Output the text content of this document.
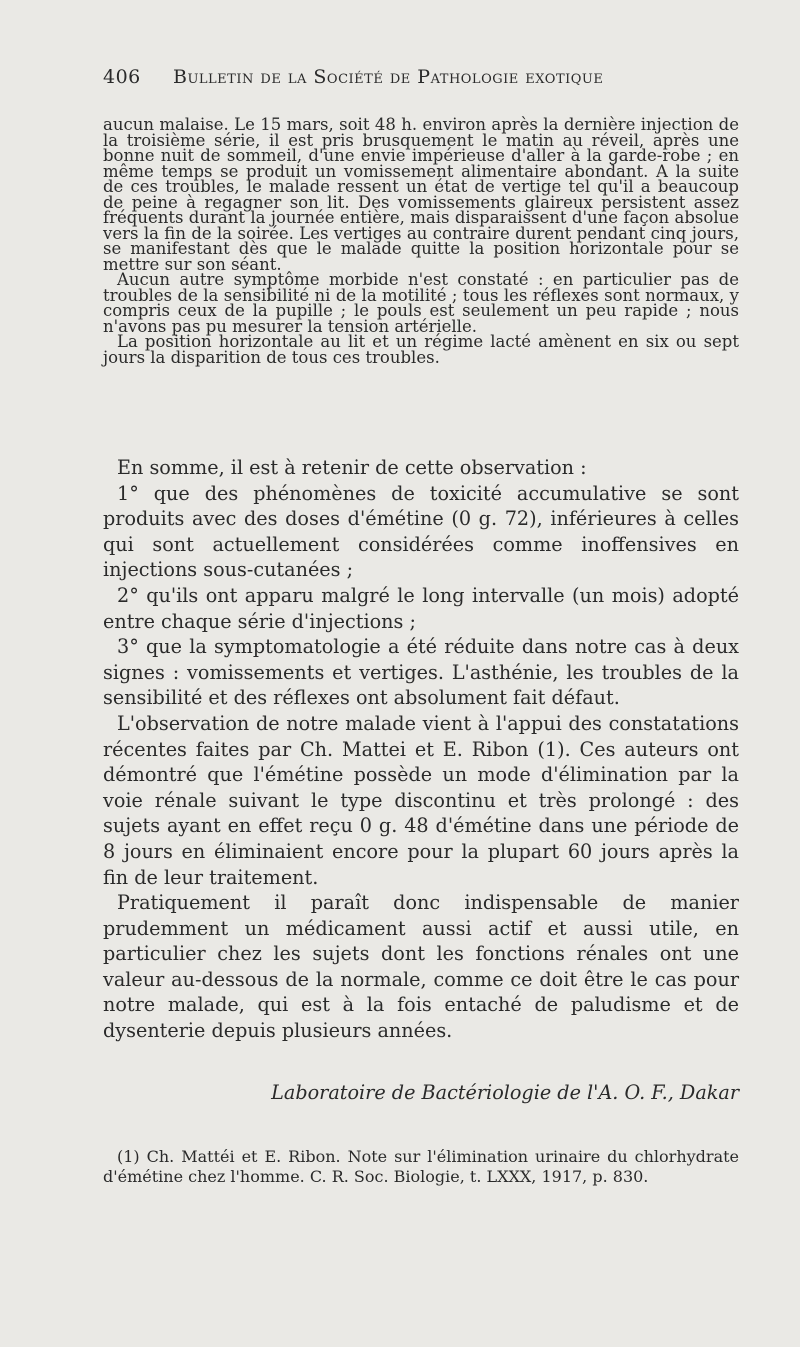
406 Bulletin de la Société de Pathologie exotique

aucun malaise. Le 15 mars, soit 48 h. environ après la dernière injection de la troisième série, il est pris brusquement le matin au réveil, après une bonne nuit de sommeil, d'une envie impérieuse d'aller à la garde-robe ; en même temps se produit un vomissement alimentaire abondant. A la suite de ces troubles, le malade ressent un état de vertige tel qu'il a beaucoup de peine à regagner son lit. Des vomissements glaireux persistent assez fréquents durant la journée entière, mais disparaissent d'une façon absolue vers la fin de la soirée. Les vertiges au contraire durent pendant cinq jours, se manifestant dès que le malade quitte la position horizontale pour se mettre sur son séant.

Aucun autre symptôme morbide n'est constaté : en particulier pas de troubles de la sensibilité ni de la motilité ; tous les réflexes sont normaux, y compris ceux de la pupille ; le pouls est seulement un peu rapide ; nous n'avons pas pu mesurer la tension artérielle.

La position horizontale au lit et un régime lacté amènent en six ou sept jours la disparition de tous ces troubles.

En somme, il est à retenir de cette observation :

1° que des phénomènes de toxicité accumulative se sont produits avec des doses d'émétine (0 g. 72), inférieures à celles qui sont actuellement considérées comme inoffensives en injections sous-cutanées ;

2° qu'ils ont apparu malgré le long intervalle (un mois) adopté entre chaque série d'injections ;

3° que la symptomatologie a été réduite dans notre cas à deux signes : vomissements et vertiges. L'asthénie, les troubles de la sensibilité et des réflexes ont absolument fait défaut.

L'observation de notre malade vient à l'appui des constatations récentes faites par Ch. Mattei et E. Ribon (1). Ces auteurs ont démontré que l'émétine possède un mode d'élimination par la voie rénale suivant le type discontinu et très prolongé : des sujets ayant en effet reçu 0 g. 48 d'émétine dans une période de 8 jours en éliminaient encore pour la plupart 60 jours après la fin de leur traitement.

Pratiquement il paraît donc indispensable de manier prudemment un médicament aussi actif et aussi utile, en particulier chez les sujets dont les fonctions rénales ont une valeur au-dessous de la normale, comme ce doit être le cas pour notre malade, qui est à la fois entaché de paludisme et de dysenterie depuis plusieurs années.

Laboratoire de Bactériologie de l'A. O. F., Dakar

(1) Ch. Mattéi et E. Ribon. Note sur l'élimination urinaire du chlorhydrate d'émétine chez l'homme. C. R. Soc. Biologie, t. LXXX, 1917, p. 830.
